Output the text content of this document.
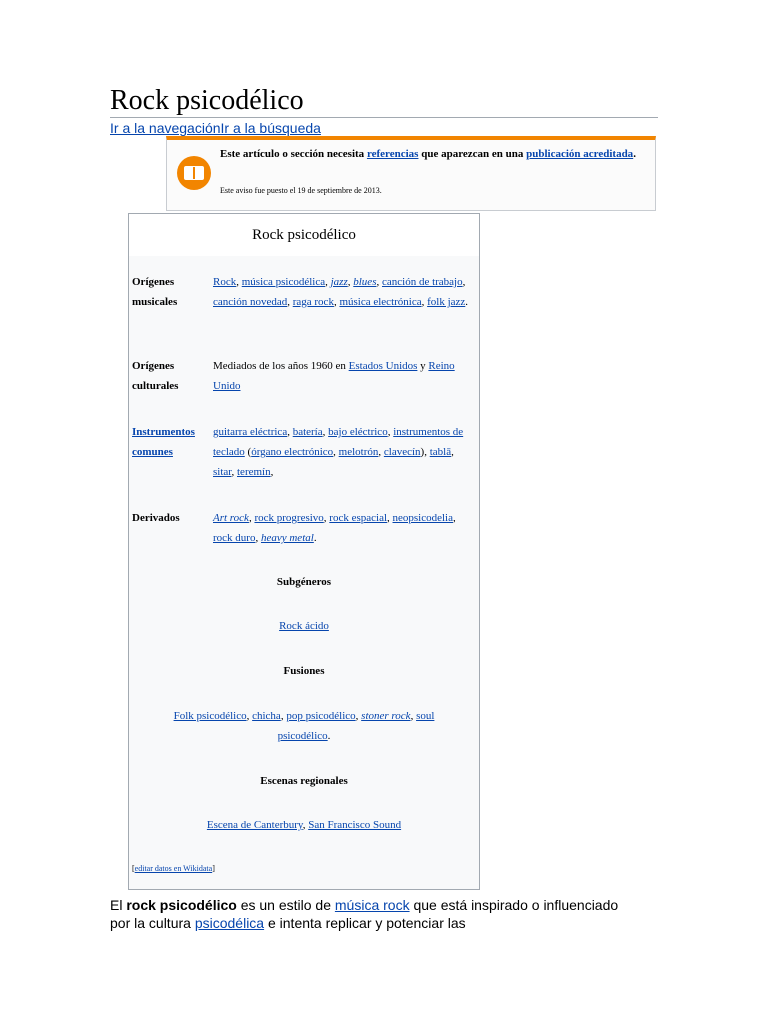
Rock psicodélico
Ir a la navegaciónIr a la búsqueda
Este artículo o sección necesita referencias que aparezcan en una publicación acreditada.
Este aviso fue puesto el 19 de septiembre de 2013.
Rock psicodélico
Orígenes musicales
Rock, música psicodélica, jazz, blues, canción de trabajo, canción novedad, raga rock, música electrónica, folk jazz.
Orígenes culturales
Mediados de los años 1960 en Estados Unidos y Reino Unido
Instrumentos comunes
guitarra eléctrica, batería, bajo eléctrico, instrumentos de teclado (órgano electrónico, melotrón, clavecín), tablā, sitar, teremín,
Derivados	Art rock, rock progresivo, rock espacial, neopsicodelia, rock duro, heavy metal.
Subgéneros
Rock ácido
Fusiones
Folk psicodélico, chicha, pop psicodélico, stoner rock, soul psicodélico.
Escenas regionales
Escena de Canterbury, San Francisco Sound
[editar datos en Wikidata]
El rock psicodélico es un estilo de música rock que está inspirado o influenciado por la cultura psicodélica e intenta replicar y potenciar las
